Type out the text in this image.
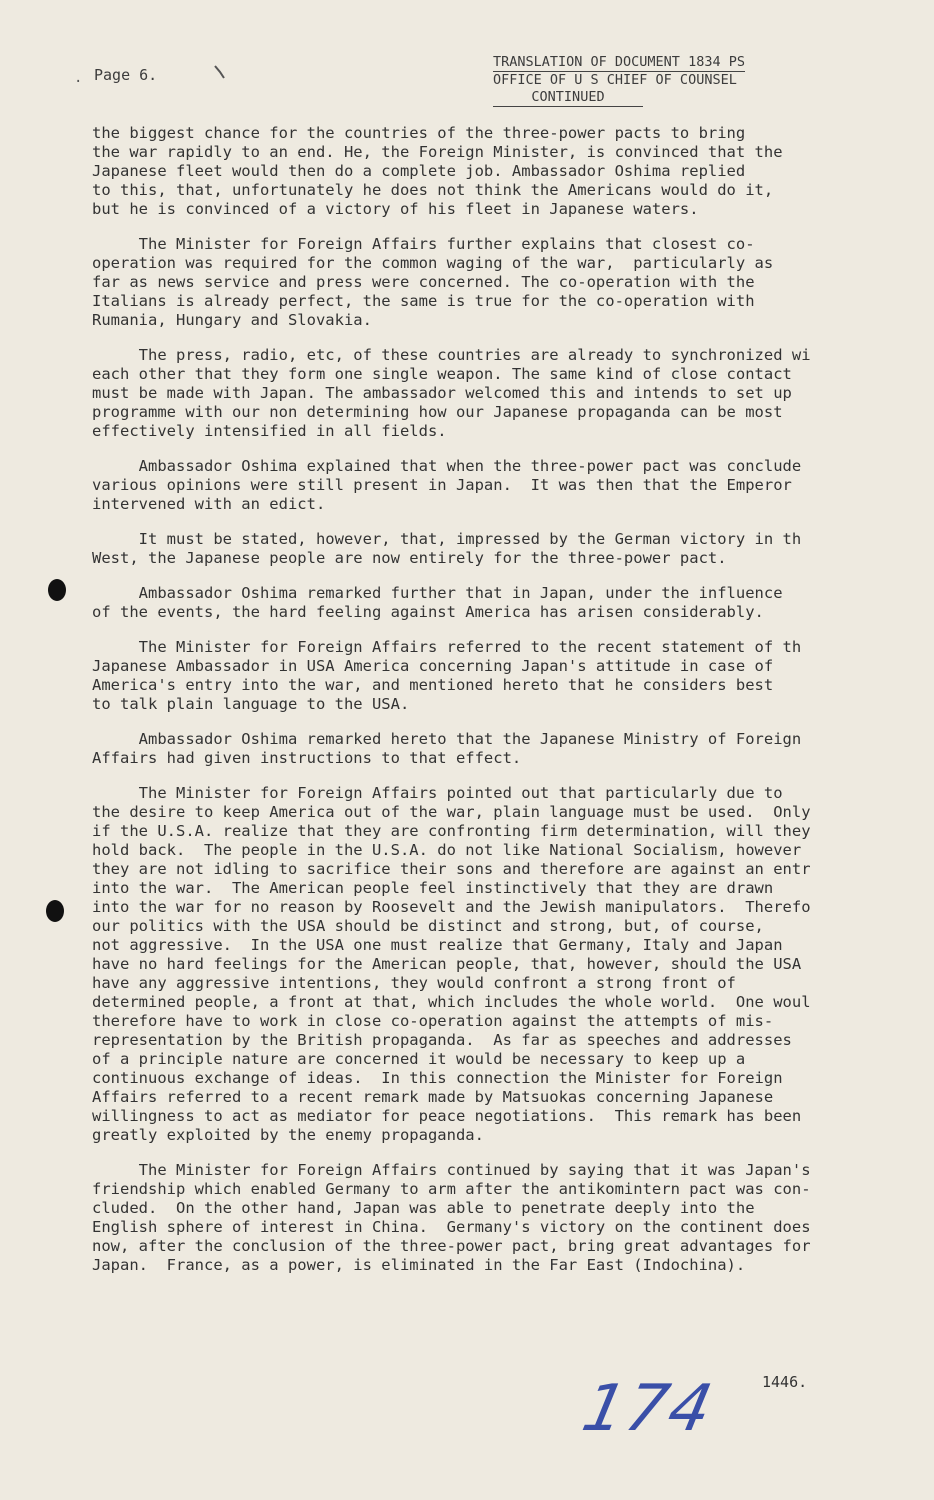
. Page 6.
TRANSLATION OF DOCUMENT 1834 PS
OFFICE OF U S CHIEF OF COUNSEL
CONTINUED

the biggest chance for the countries of the three-power pacts to bring
the war rapidly to an end. He, the Foreign Minister, is convinced that the
Japanese fleet would then do a complete job. Ambassador Oshima replied
to this, that, unfortunately he does not think the Americans would do it,
but he is convinced of a victory of his fleet in Japanese waters.

The Minister for Foreign Affairs further explains that closest co-
operation was required for the common waging of the war,  particularly as
far as news service and press were concerned. The co-operation with the
Italians is already perfect, the same is true for the co-operation with
Rumania, Hungary and Slovakia.

The press, radio, etc, of these countries are already to synchronized wi
each other that they form one single weapon. The same kind of close contact
must be made with Japan. The ambassador welcomed this and intends to set up
programme with our non determining how our Japanese propaganda can be most
effectively intensified in all fields.

Ambassador Oshima explained that when the three-power pact was conclude
various opinions were still present in Japan.  It was then that the Emperor
intervened with an edict.

It must be stated, however, that, impressed by the German victory in th
West, the Japanese people are now entirely for the three-power pact.

Ambassador Oshima remarked further that in Japan, under the influence
of the events, the hard feeling against America has arisen considerably.

The Minister for Foreign Affairs referred to the recent statement of th
Japanese Ambassador in USA America concerning Japan's attitude in case of
America's entry into the war, and mentioned hereto that he considers best
to talk plain language to the USA.

Ambassador Oshima remarked hereto that the Japanese Ministry of Foreign
Affairs had given instructions to that effect.

The Minister for Foreign Affairs pointed out that particularly due to
the desire to keep America out of the war, plain language must be used.  Only
if the U.S.A. realize that they are confronting firm determination, will they
hold back.  The people in the U.S.A. do not like National Socialism, however
they are not idling to sacrifice their sons and therefore are against an entr
into the war.  The American people feel instinctively that they are drawn
into the war for no reason by Roosevelt and the Jewish manipulators.  Therefo
our politics with the USA should be distinct and strong, but, of course,
not aggressive.  In the USA one must realize that Germany, Italy and Japan
have no hard feelings for the American people, that, however, should the USA
have any aggressive intentions, they would confront a strong front of
determined people, a front at that, which includes the whole world.  One woul
therefore have to work in close co-operation against the attempts of mis-
representation by the British propaganda.  As far as speeches and addresses
of a principle nature are concerned it would be necessary to keep up a
continuous exchange of ideas.  In this connection the Minister for Foreign
Affairs referred to a recent remark made by Matsuokas concerning Japanese
willingness to act as mediator for peace negotiations.  This remark has been
greatly exploited by the enemy propaganda.

The Minister for Foreign Affairs continued by saying that it was Japan's
friendship which enabled Germany to arm after the antikomintern pact was con-
cluded.  On the other hand, Japan was able to penetrate deeply into the
English sphere of interest in China.  Germany's victory on the continent does
now, after the conclusion of the three-power pact, bring great advantages for
Japan.  France, as a power, is eliminated in the Far East (Indochina).

174	1446.
